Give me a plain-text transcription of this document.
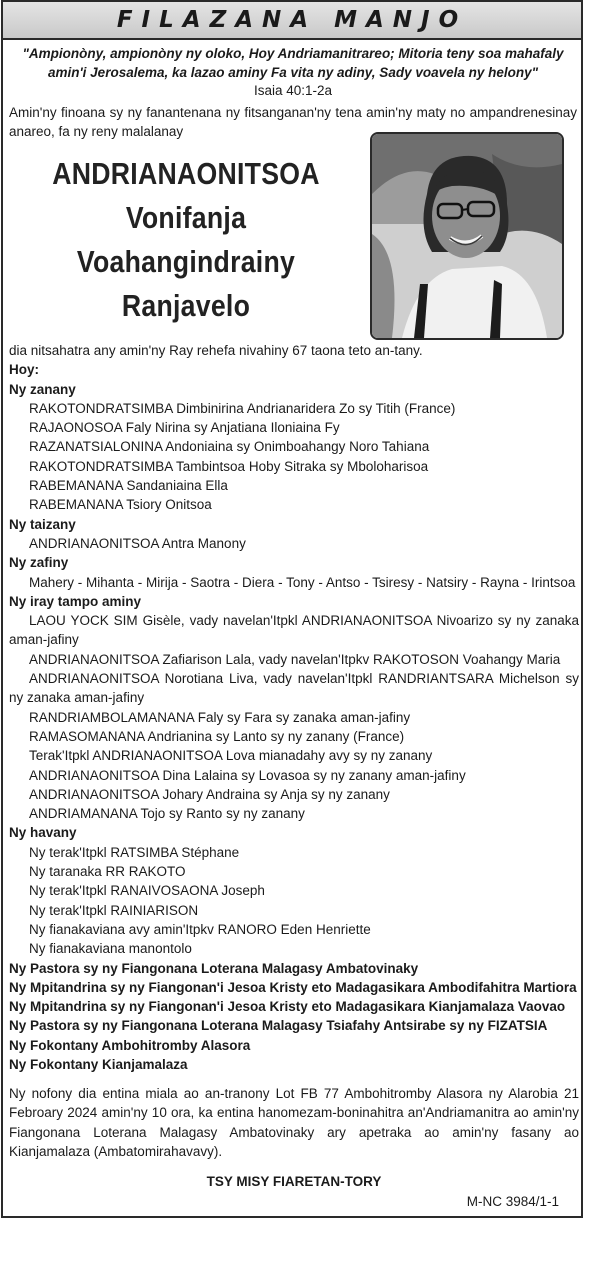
FILAZANA MANJO
"Ampionòny, ampionòny ny oloko, Hoy Andriamanitrareo; Mitoria teny soa mahafaly amin'i Jerosalema, ka lazao aminy Fa vita ny adiny, Sady voavela ny helony"
Isaia 40:1-2a
Amin'ny finoana sy ny fanantenana ny fitsanganan'ny tena amin'ny maty no ampandrenesinay anareo, fa ny reny malalanay
ANDRIANAONITSOA
Vonifanja
Voahangindrainy
Ranjavelo

dia nitsahatra any amin'ny Ray rehefa nivahiny 67 taona teto an-tany.

Hoy:

Ny zanany

RAKOTONDRATSIMBA Dimbinirina Andrianaridera Zo sy Titih (France)

RAJAONOSOA Faly Nirina sy Anjatiana Iloniaina Fy

RAZANATSIALONINA Andoniaina sy Onimboahangy Noro Tahiana

RAKOTONDRATSIMBA Tambintsoa Hoby Sitraka sy Mboloharisoa

RABEMANANA Sandaniaina Ella

RABEMANANA Tsiory Onitsoa

Ny taizany

ANDRIANAONITSOA Antra Manony

Ny zafiny

Mahery - Mihanta - Mirija - Saotra - Diera - Tony - Antso - Tsiresy - Natsiry - Rayna - Irintsoa

Ny iray tampo aminy

LAOU YOCK SIM Gisèle, vady navelan'Itpkl ANDRIANAONITSOA Nivoarizo sy ny zanaka aman-jafiny

ANDRIANAONITSOA Zafiarison Lala, vady navelan'Itpkv RAKOTOSON Voahangy Maria

ANDRIANAONITSOA Norotiana Liva, vady navelan'Itpkl RANDRIANTSARA Michelson sy ny zanaka aman-jafiny

RANDRIAMBOLAMANANA Faly sy Fara sy zanaka aman-jafiny

RAMASOMANANA Andrianina sy Lanto sy ny zanany (France)

Terak'Itpkl ANDRIANAONITSOA Lova mianadahy avy sy ny zanany

ANDRIANAONITSOA Dina Lalaina sy Lovasoa sy ny zanany aman-jafiny

ANDRIANAONITSOA Johary Andraina sy Anja sy ny zanany

ANDRIAMANANA Tojo sy Ranto sy ny zanany

Ny havany

Ny terak'Itpkl RATSIMBA Stéphane

Ny taranaka RR RAKOTO

Ny terak'Itpkl RANAIVOSAONA Joseph

Ny terak'Itpkl RAINIARISON

Ny fianakaviana avy amin'Itpkv RANORO Eden Henriette

Ny fianakaviana manontolo

Ny Pastora sy ny Fiangonana Loterana Malagasy Ambatovinaky

Ny Mpitandrina sy ny Fiangonan'i Jesoa Kristy eto Madagasikara Ambodifahitra Martiora

Ny Mpitandrina sy ny Fiangonan'i Jesoa Kristy eto Madagasikara Kianjamalaza Vaovao

Ny Pastora sy ny Fiangonana Loterana Malagasy Tsiafahy Antsirabe sy ny FIZATSIA

Ny Fokontany Ambohitromby Alasora

Ny Fokontany Kianjamalaza

Ny nofony dia entina miala ao an-tranony Lot FB 77 Ambohitromby Alasora ny Alarobia 21 Febroary 2024 amin'ny 10 ora, ka entina hanomezam-boninahitra an'Andriamanitra ao amin'ny Fiangonana Loterana Malagasy Ambatovinaky ary apetraka ao amin'ny fasany ao Kianjamalaza (Ambatomirahavavy).
TSY MISY FIARETAN-TORY
M-NC 3984/1-1
